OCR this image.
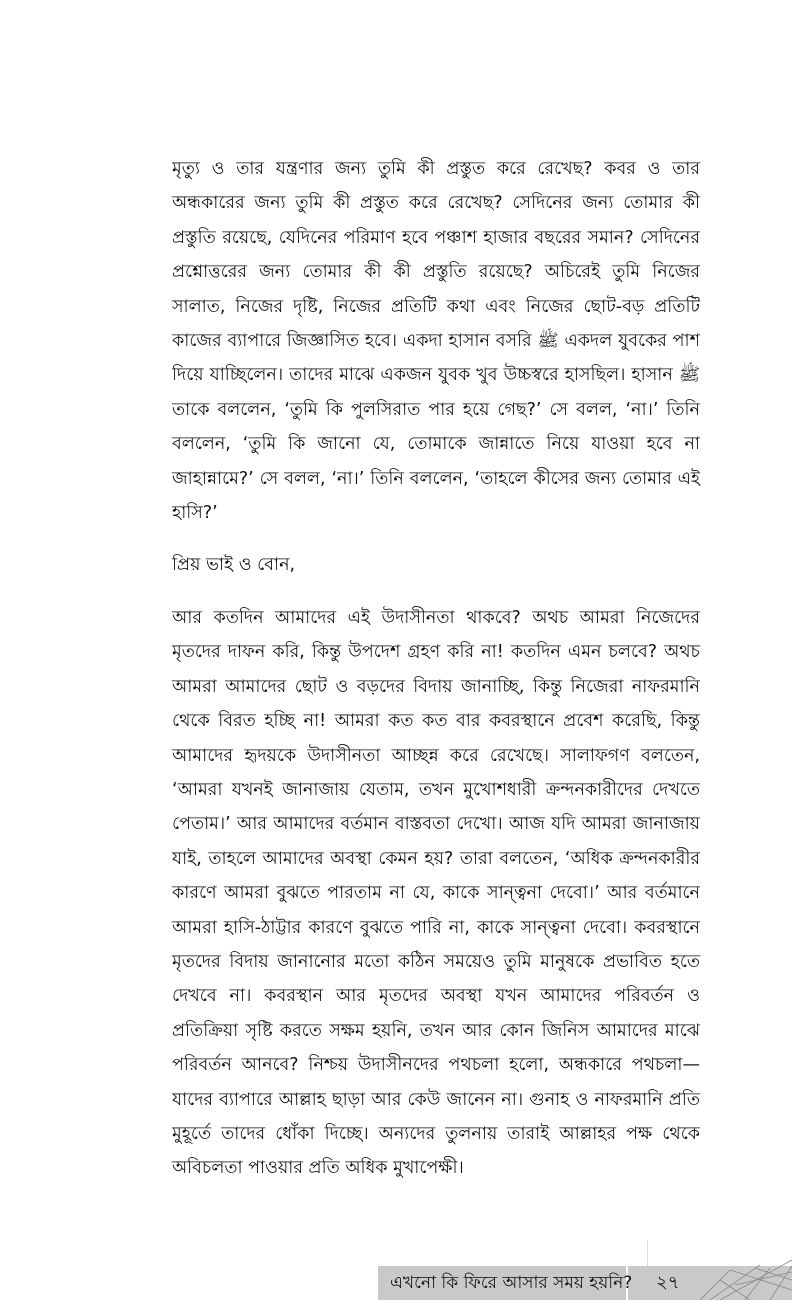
মৃত্যু ও তার যন্ত্রণার জন্য তুমি কী প্রস্তুত করে রেখেছ? কবর ও তার অন্ধকারের জন্য তুমি কী প্রস্তুত করে রেখেছ? সেদিনের জন্য তোমার কী প্রস্তুতি রয়েছে, যেদিনের পরিমাণ হবে পঞ্চাশ হাজার বছরের সমান? সেদিনের প্রশ্নোত্তরের জন্য তোমার কী কী প্রস্তুতি রয়েছে? অচিরেই তুমি নিজের সালাত, নিজের দৃষ্টি, নিজের প্রতিটি কথা এবং নিজের ছোট-বড় প্রতিটি কাজের ব্যাপারে জিজ্ঞাসিত হবে। একদা হাসান বসরি ﷺ একদল যুবকের পাশ দিয়ে যাচ্ছিলেন। তাদের মাঝে একজন যুবক খুব উচ্চস্বরে হাসছিল। হাসান ﷺ তাকে বললেন, ‘তুমি কি পুলসিরাত পার হয়ে গেছ?’ সে বলল, ‘না।’ তিনি বললেন, ‘তুমি কি জানো যে, তোমাকে জান্নাতে নিয়ে যাওয়া হবে না জাহান্নামে?’ সে বলল, ‘না।’ তিনি বললেন, ‘তাহলে কীসের জন্য তোমার এই হাসি?’

প্রিয় ভাই ও বোন,

আর কতদিন আমাদের এই উদাসীনতা থাকবে? অথচ আমরা নিজেদের মৃতদের দাফন করি, কিন্তু উপদেশ গ্রহণ করি না! কতদিন এমন চলবে? অথচ আমরা আমাদের ছোট ও বড়দের বিদায় জানাচ্ছি, কিন্তু নিজেরা নাফরমানি থেকে বিরত হচ্ছি না! আমরা কত কত বার কবরস্থানে প্রবেশ করেছি, কিন্তু আমাদের হৃদয়কে উদাসীনতা আচ্ছন্ন করে রেখেছে। সালাফগণ বলতেন, ‘আমরা যখনই জানাজায় যেতাম, তখন মুখোশধারী ক্রন্দনকারীদের দেখতে পেতাম।’ আর আমাদের বর্তমান বাস্তবতা দেখো। আজ যদি আমরা জানাজায় যাই, তাহলে আমাদের অবস্থা কেমন হয়? তারা বলতেন, ‘অধিক ক্রন্দনকারীর কারণে আমরা বুঝতে পারতাম না যে, কাকে সান্ত্বনা দেবো।’ আর বর্তমানে আমরা হাসি-ঠাট্টার কারণে বুঝতে পারি না, কাকে সান্ত্বনা দেবো। কবরস্থানে মৃতদের বিদায় জানানোর মতো কঠিন সময়েও তুমি মানুষকে প্রভাবিত হতে দেখবে না। কবরস্থান আর মৃতদের অবস্থা যখন আমাদের পরিবর্তন ও প্রতিক্রিয়া সৃষ্টি করতে সক্ষম হয়নি, তখন আর কোন জিনিস আমাদের মাঝে পরিবর্তন আনবে? নিশ্চয় উদাসীনদের পথচলা হলো, অন্ধকারে পথচলা—যাদের ব্যাপারে আল্লাহ ছাড়া আর কেউ জানেন না। গুনাহ ও নাফরমানি প্রতি মুহূর্তে তাদের ধোঁকা দিচ্ছে। অন্যদের তুলনায় তারাই আল্লাহর পক্ষ থেকে অবিচলতা পাওয়ার প্রতি অধিক মুখাপেক্ষী।

এখনো কি ফিরে আসার সময় হয়নি? ২৭
